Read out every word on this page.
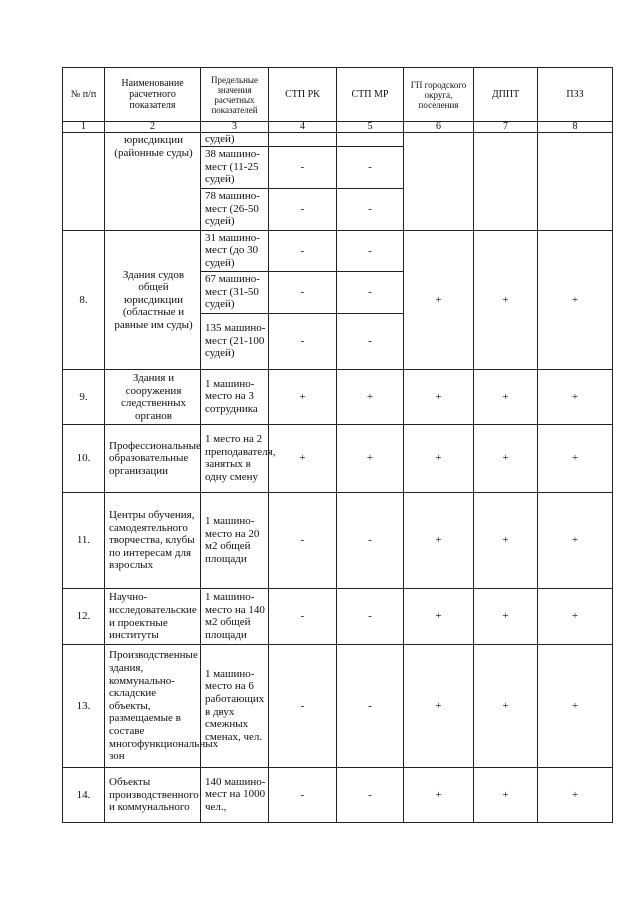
№ п/п	Наименование расчетного показателя	Предельные значения расчетных показателей	СТП РК	СТП МР	ГП городского округа, поселения	ДППТ	ПЗЗ
1	2	3	4	5	6	7	8
	юрисдикции (районные суды)	судей)					
		38 машино-мест (11-25 судей)	-	-			
		78 машино-мест (26-50 судей)	-	-			
8.	Здания судов общей юрисдикции (областные и равные им суды)	31 машино-мест (до 30 судей)	-	-	+	+	+
		67 машино-мест (31-50 судей)	-	-			
		135 машино-мест (21-100 судей)	-	-			
9.	Здания и сооружения следственных органов	1 машино-место на 3 сотрудника	+	+	+	+	+
10.	Профессиональные образовательные организации	1 место на 2 преподавателя, занятых в одну смену	+	+	+	+	+
11.	Центры обучения, самодеятельного творчества, клубы по интересам для взрослых	1 машино-место на 20 м2 общей площади	-	-	+	+	+
12.	Научно-исследовательские и проектные институты	1 машино-место на 140 м2 общей площади	-	-	+	+	+
13.	Производственные здания, коммунально-складские объекты, размещаемые в составе многофункциональных зон	1 машино-место на 6 работающих в двух смежных сменах, чел.	-	-	+	+	+
14.	Объекты производственного и коммунального	140 машино-мест на 1000 чел.,	-	-	+	+	+
